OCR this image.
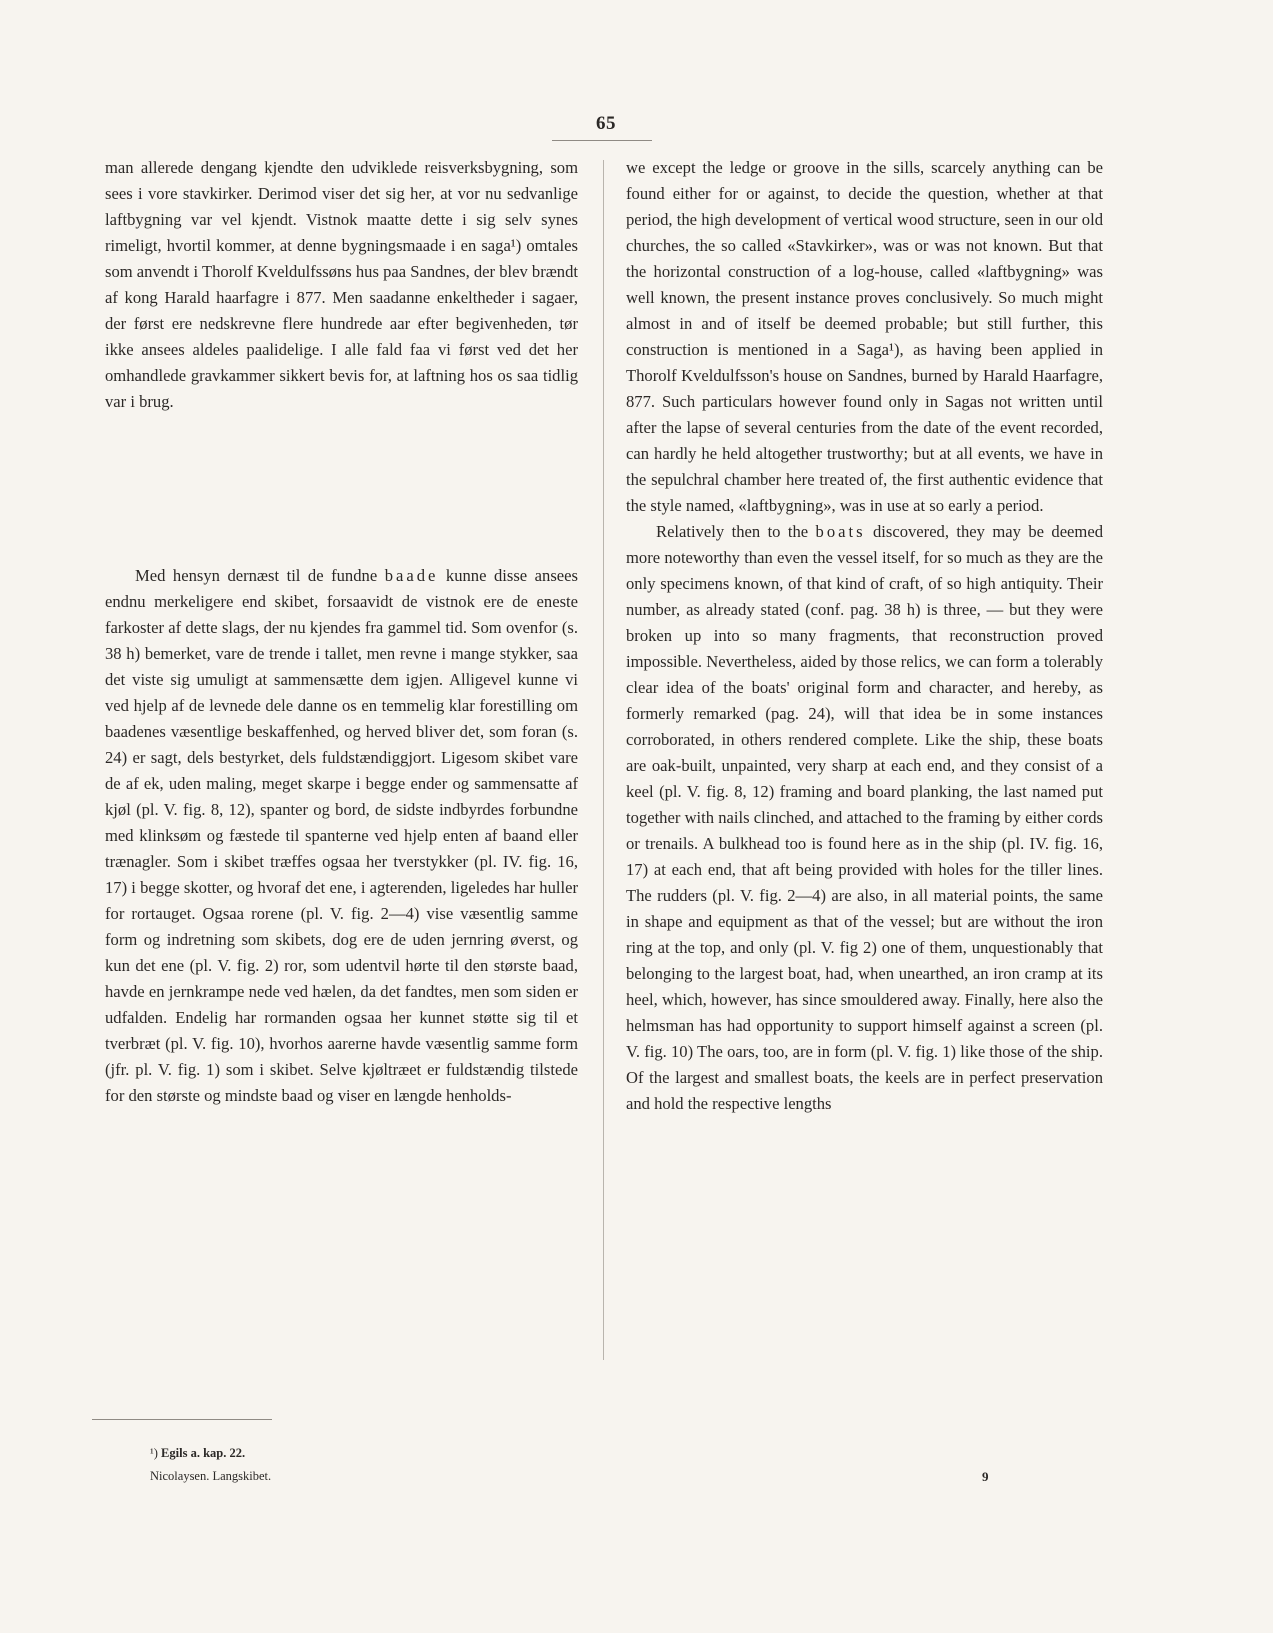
65

man allerede dengang kjendte den udviklede reisverksbygning, som sees i vore stavkirker. Derimod viser det sig her, at vor nu sedvanlige laftbygning var vel kjendt. Vistnok maatte dette i sig selv synes rimeligt, hvortil kommer, at denne bygningsmaade i en saga¹) omtales som anvendt i Thorolf Kveldulfssøns hus paa Sandnes, der blev brændt af kong Harald haarfagre i 877. Men saadanne enkeltheder i sagaer, der først ere nedskrevne flere hundrede aar efter begivenheden, tør ikke ansees aldeles paalidelige. I alle fald faa vi først ved det her omhandlede gravkammer sikkert bevis for, at laftning hos os saa tidlig var i brug.

Med hensyn dernæst til de fundne baade kunne disse ansees endnu merkeligere end skibet, forsaavidt de vistnok ere de eneste farkoster af dette slags, der nu kjendes fra gammel tid. Som ovenfor (s. 38 h) bemerket, vare de trende i tallet, men revne i mange stykker, saa det viste sig umuligt at sammensætte dem igjen. Alligevel kunne vi ved hjelp af de levnede dele danne os en temmelig klar forestilling om baadenes væsentlige beskaffenhed, og herved bliver det, som foran (s. 24) er sagt, dels bestyrket, dels fuldstændiggjort. Ligesom skibet vare de af ek, uden maling, meget skarpe i begge ender og sammensatte af kjøl (pl. V. fig. 8, 12), spanter og bord, de sidste indbyrdes forbundne med klinksøm og fæstede til spanterne ved hjelp enten af baand eller trænagler. Som i skibet træffes ogsaa her tverstykker (pl. IV. fig. 16, 17) i begge skotter, og hvoraf det ene, i agterenden, ligeledes har huller for rortauget. Ogsaa rorene (pl. V. fig. 2—4) vise væsentlig samme form og indretning som skibets, dog ere de uden jernring øverst, og kun det ene (pl. V. fig. 2) ror, som udentvil hørte til den største baad, havde en jernkrampe nede ved hælen, da det fandtes, men som siden er udfalden. Endelig har rormanden ogsaa her kunnet støtte sig til et tverbræt (pl. V. fig. 10), hvorhos aarerne havde væsentlig samme form (jfr. pl. V. fig. 1) som i skibet. Selve kjøltræet er fuldstændig tilstede for den største og mindste baad og viser en længde henholds-

we except the ledge or groove in the sills, scarcely anything can be found either for or against, to decide the question, whether at that period, the high development of vertical wood structure, seen in our old churches, the so called «Stavkirker», was or was not known. But that the horizontal construction of a log-house, called «laftbygning» was well known, the present instance proves conclusively. So much might almost in and of itself be deemed probable; but still further, this construction is mentioned in a Saga¹), as having been applied in Thorolf Kveldulfsson's house on Sandnes, burned by Harald Haarfagre, 877. Such particulars however found only in Sagas not written until after the lapse of several centuries from the date of the event recorded, can hardly he held altogether trustworthy; but at all events, we have in the sepulchral chamber here treated of, the first authentic evidence that the style named, «laftbygning», was in use at so early a period.

Relatively then to the boats discovered, they may be deemed more noteworthy than even the vessel itself, for so much as they are the only specimens known, of that kind of craft, of so high antiquity. Their number, as already stated (conf. pag. 38 h) is three, — but they were broken up into so many fragments, that reconstruction proved impossible. Nevertheless, aided by those relics, we can form a tolerably clear idea of the boats' original form and character, and hereby, as formerly remarked (pag. 24), will that idea be in some instances corroborated, in others rendered complete. Like the ship, these boats are oak-built, unpainted, very sharp at each end, and they consist of a keel (pl. V. fig. 8, 12) framing and board planking, the last named put together with nails clinched, and attached to the framing by either cords or trenails. A bulkhead too is found here as in the ship (pl. IV. fig. 16, 17) at each end, that aft being provided with holes for the tiller lines. The rudders (pl. V. fig. 2—4) are also, in all material points, the same in shape and equipment as that of the vessel; but are without the iron ring at the top, and only (pl. V. fig 2) one of them, unquestionably that belonging to the largest boat, had, when unearthed, an iron cramp at its heel, which, however, has since smouldered away. Finally, here also the helmsman has had opportunity to support himself against a screen (pl. V. fig. 10) The oars, too, are in form (pl. V. fig. 1) like those of the ship. Of the largest and smallest boats, the keels are in perfect preservation and hold the respective lengths

¹) Egils a. kap. 22.
Nicolaysen. Langskibet.	9
